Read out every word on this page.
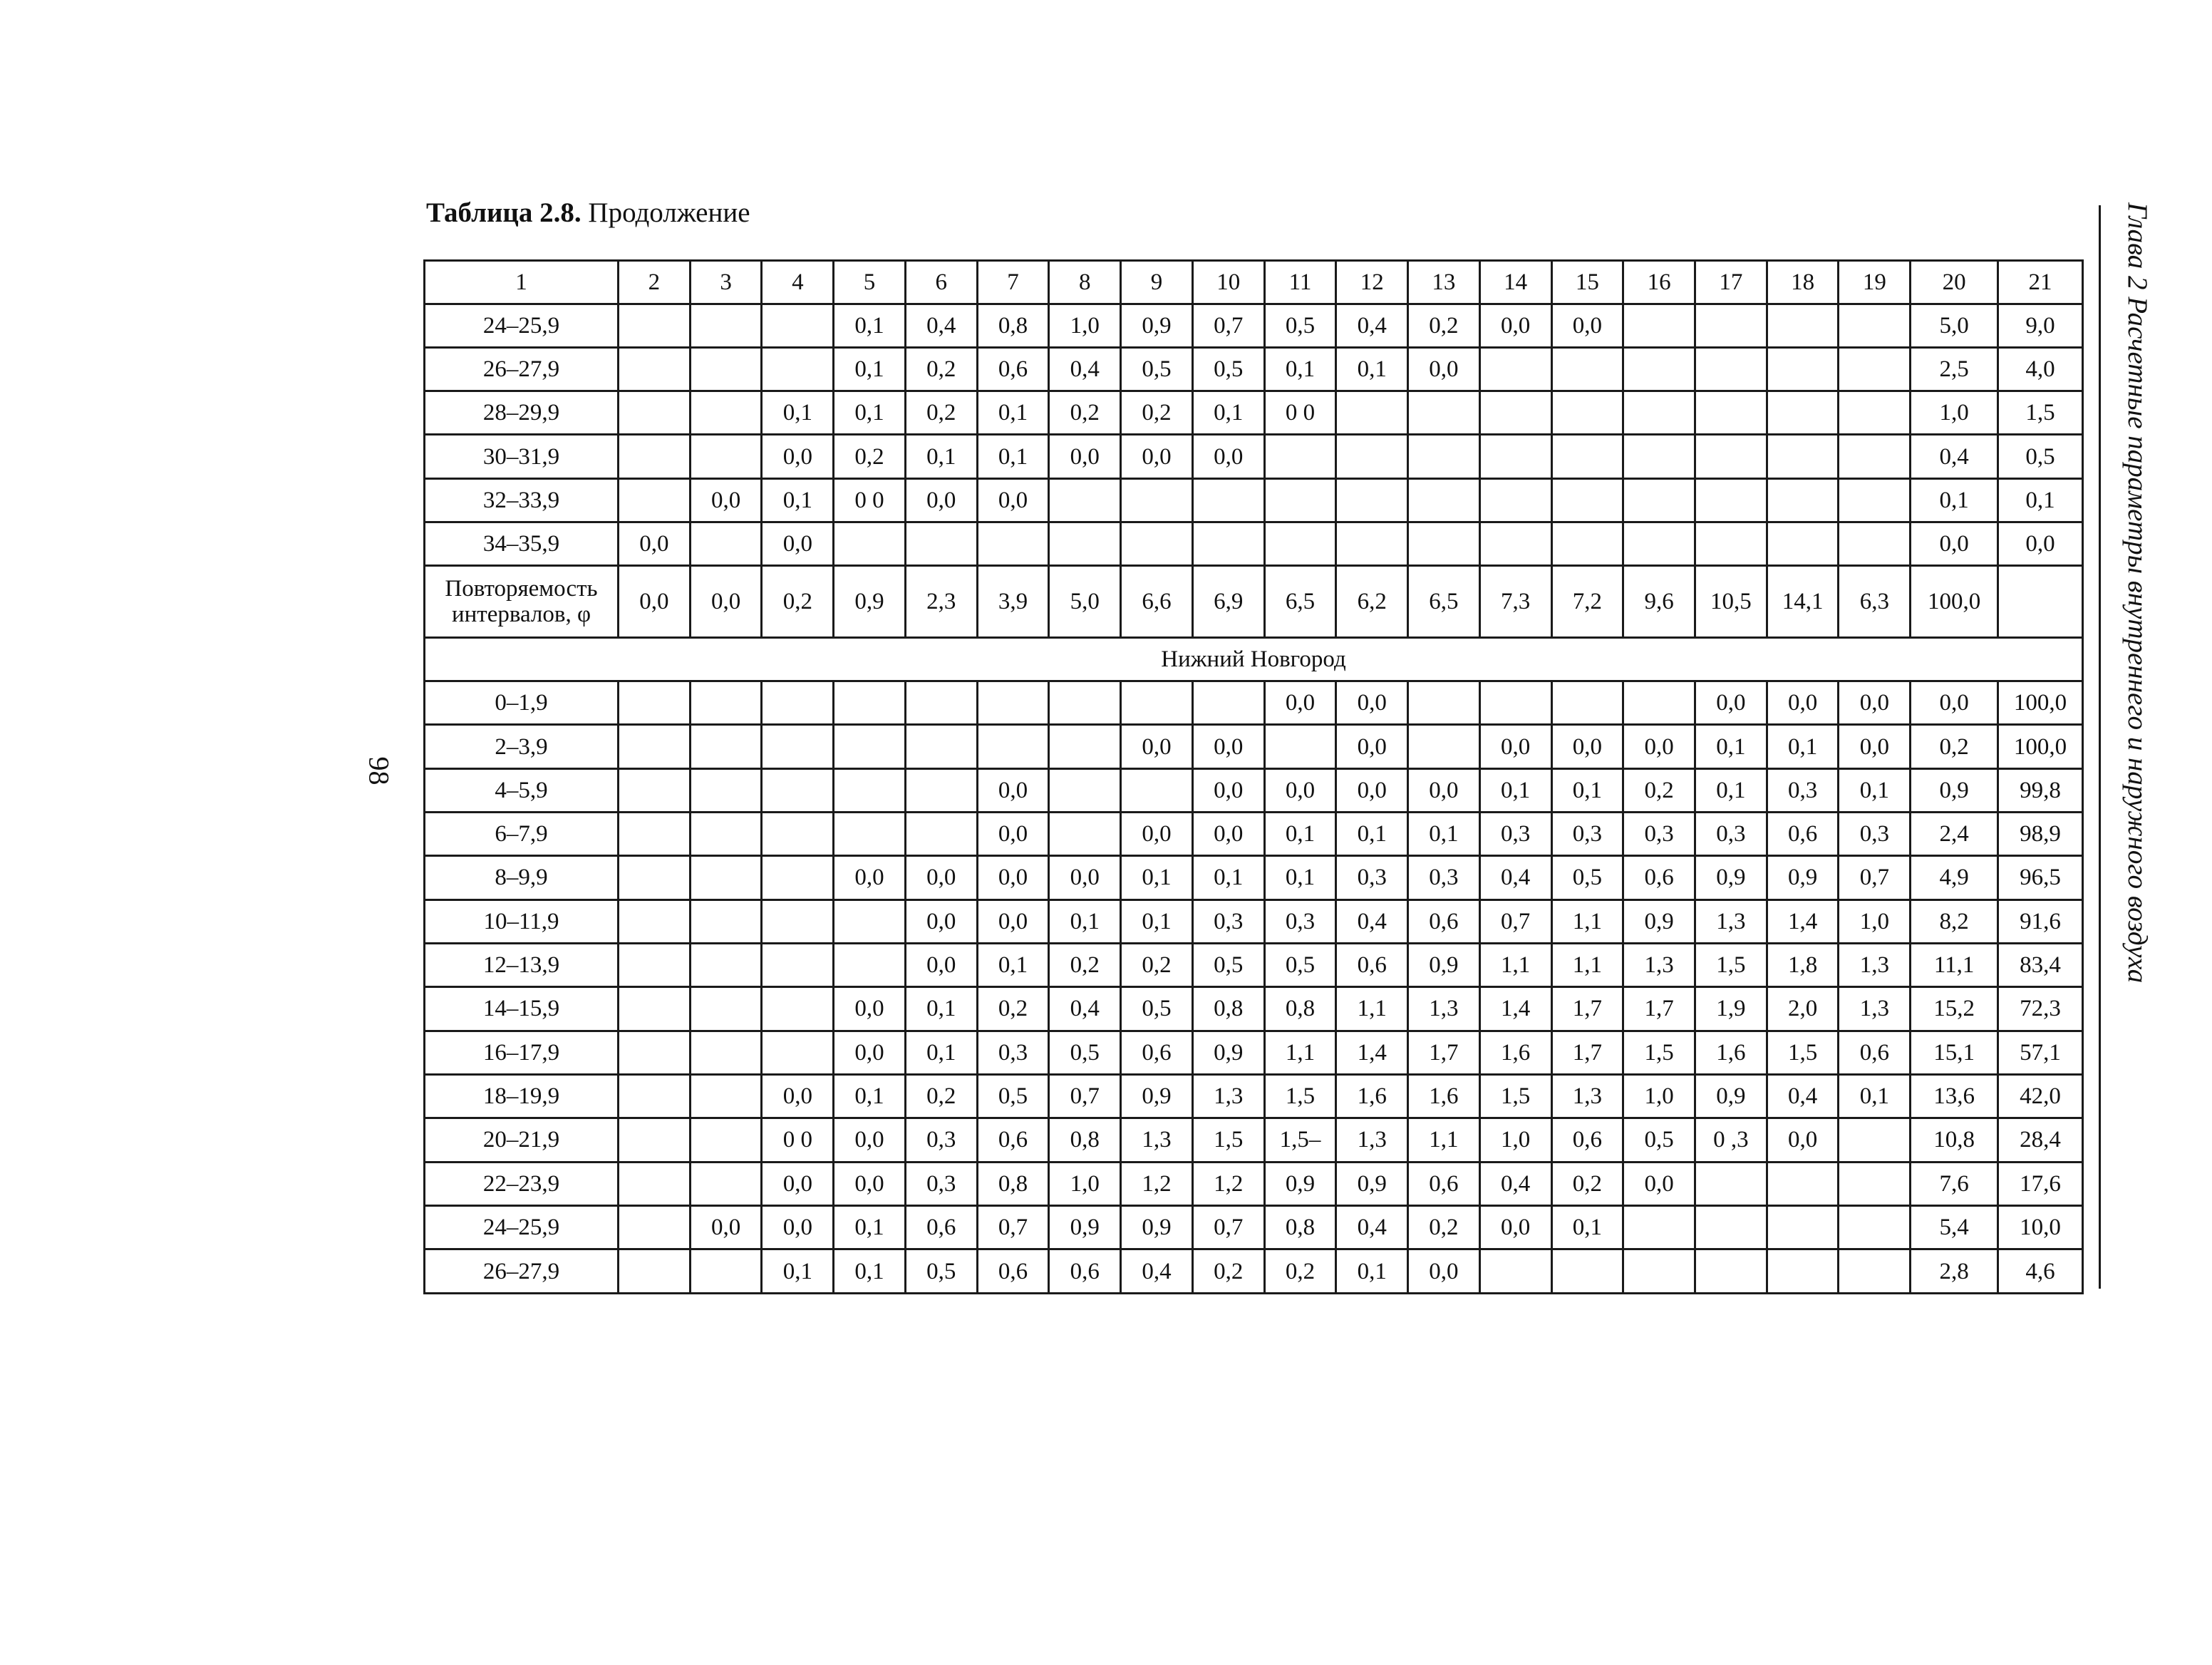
Таблица 2.8. Продолжение
98	Глава 2 Расчетные параметры внутреннего и наружного воздуха
1	2	3	4	5	6	7	8	9	10	11	12	13	14	15	16	17	18	19	20	21
24–25,9				0,1	0,4	0,8	1,0	0,9	0,7	0,5	0,4	0,2	0,0	0,0					5,0	9,0
26–27,9				0,1	0,2	0,6	0,4	0,5	0,5	0,1	0,1	0,0							2,5	4,0
28–29,9			0,1	0,1	0,2	0,1	0,2	0,2	0,1	0 0									1,0	1,5
30–31,9			0,0	0,2	0,1	0,1	0,0	0,0	0,0										0,4	0,5
32–33,9		0,0	0,1	0 0	0,0	0,0													0,1	0,1
34–35,9	0,0		0,0																0,0	0,0
Повторяемость интервалов, φ	0,0	0,0	0,2	0,9	2,3	3,9	5,0	6,6	6,9	6,5	6,2	6,5	7,3	7,2	9,6	10,5	14,1	6,3	100,0	
Нижний Новгород																				
0–1,9										0,0	0,0					0,0	0,0	0,0	0,0	100,0
2–3,9								0,0	0,0		0,0		0,0	0,0	0,0	0,1	0,1	0,0	0,2	100,0
4–5,9						0,0			0,0	0,0	0,0	0,0	0,1	0,1	0,2	0,1	0,3	0,1	0,9	99,8
6–7,9						0,0		0,0	0,0	0,1	0,1	0,1	0,3	0,3	0,3	0,3	0,6	0,3	2,4	98,9
8–9,9				0,0	0,0	0,0	0,0	0,1	0,1	0,1	0,3	0,3	0,4	0,5	0,6	0,9	0,9	0,7	4,9	96,5
10–11,9					0,0	0,0	0,1	0,1	0,3	0,3	0,4	0,6	0,7	1,1	0,9	1,3	1,4	1,0	8,2	91,6
12–13,9					0,0	0,1	0,2	0,2	0,5	0,5	0,6	0,9	1,1	1,1	1,3	1,5	1,8	1,3	11,1	83,4
14–15,9				0,0	0,1	0,2	0,4	0,5	0,8	0,8	1,1	1,3	1,4	1,7	1,7	1,9	2,0	1,3	15,2	72,3
16–17,9				0,0	0,1	0,3	0,5	0,6	0,9	1,1	1,4	1,7	1,6	1,7	1,5	1,6	1,5	0,6	15,1	57,1
18–19,9			0,0	0,1	0,2	0,5	0,7	0,9	1,3	1,5	1,6	1,6	1,5	1,3	1,0	0,9	0,4	0,1	13,6	42,0
20–21,9			0 0	0,0	0,3	0,6	0,8	1,3	1,5	1,5–	1,3	1,1	1,0	0,6	0,5	0 ,3	0,0		10,8	28,4
22–23,9			0,0	0,0	0,3	0,8	1,0	1,2	1,2	0,9	0,9	0,6	0,4	0,2	0,0				7,6	17,6
24–25,9		0,0	0,0	0,1	0,6	0,7	0,9	0,9	0,7	0,8	0,4	0,2	0,0	0,1					5,4	10,0
26–27,9			0,1	0,1	0,5	0,6	0,6	0,4	0,2	0,2	0,1	0,0							2,8	4,6
